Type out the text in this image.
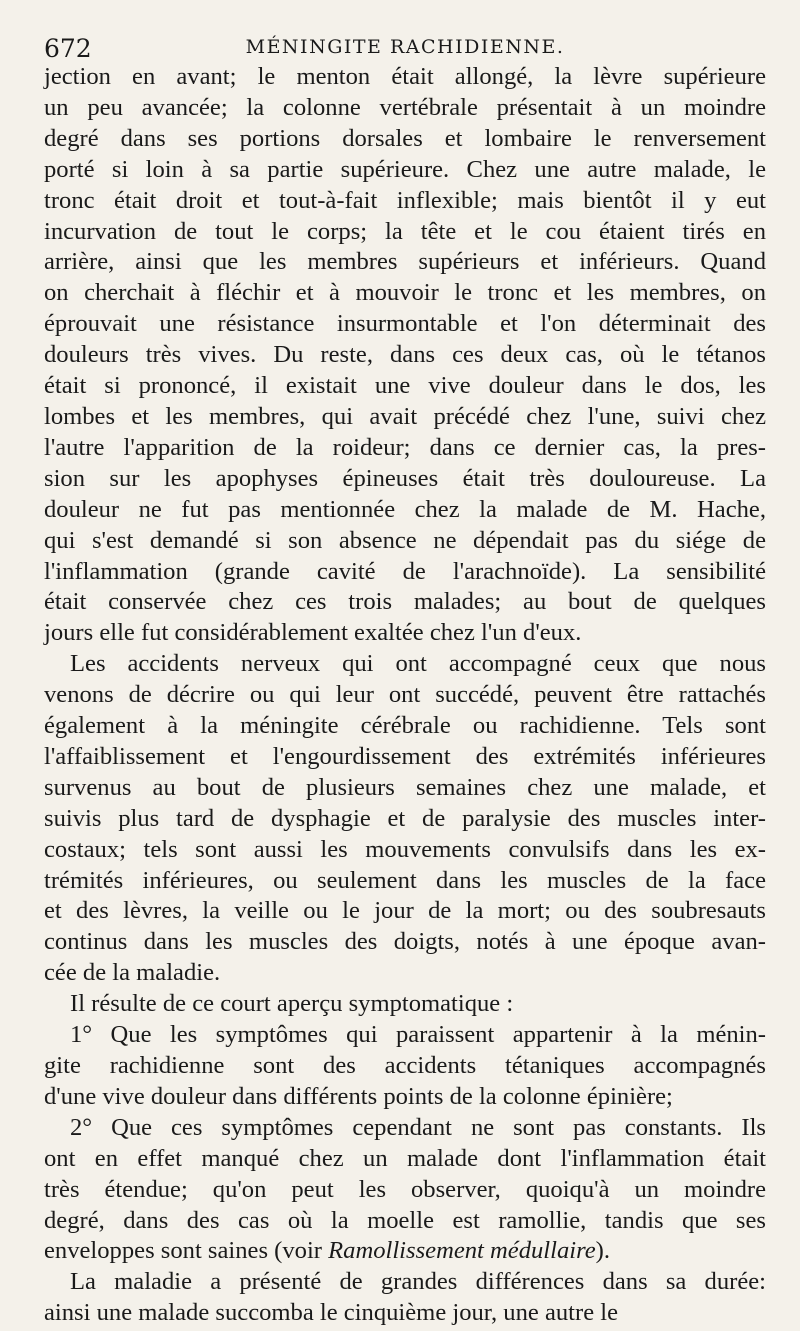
672	MÉNINGITE RACHIDIENNE.

jection en avant; le menton était allongé, la lèvre supérieure
un peu avancée; la colonne vertébrale présentait à un moindre
degré dans ses portions dorsales et lombaire le renversement
porté si loin à sa partie supérieure. Chez une autre malade, le
tronc était droit et tout-à-fait inflexible; mais bientôt il y eut
incurvation de tout le corps; la tête et le cou étaient tirés en
arrière, ainsi que les membres supérieurs et inférieurs. Quand
on cherchait à fléchir et à mouvoir le tronc et les membres, on
éprouvait une résistance insurmontable et l'on déterminait des
douleurs très vives. Du reste, dans ces deux cas, où le tétanos
était si prononcé, il existait une vive douleur dans le dos, les
lombes et les membres, qui avait précédé chez l'une, suivi chez
l'autre l'apparition de la roideur; dans ce dernier cas, la pres-
sion sur les apophyses épineuses était très douloureuse. La
douleur ne fut pas mentionnée chez la malade de M. Hache,
qui s'est demandé si son absence ne dépendait pas du siége de
l'inflammation (grande cavité de l'arachnoïde). La sensibilité
était conservée chez ces trois malades; au bout de quelques
jours elle fut considérablement exaltée chez l'un d'eux.

Les accidents nerveux qui ont accompagné ceux que nous
venons de décrire ou qui leur ont succédé, peuvent être rattachés
également à la méningite cérébrale ou rachidienne. Tels sont
l'affaiblissement et l'engourdissement des extrémités inférieures
survenus au bout de plusieurs semaines chez une malade, et
suivis plus tard de dysphagie et de paralysie des muscles inter-
costaux; tels sont aussi les mouvements convulsifs dans les ex-
trémités inférieures, ou seulement dans les muscles de la face
et des lèvres, la veille ou le jour de la mort; ou des soubresauts
continus dans les muscles des doigts, notés à une époque avan-
cée de la maladie.

Il résulte de ce court aperçu symptomatique :

1° Que les symptômes qui paraissent appartenir à la ménin-
gite rachidienne sont des accidents tétaniques accompagnés
d'une vive douleur dans différents points de la colonne épinière;

2° Que ces symptômes cependant ne sont pas constants. Ils
ont en effet manqué chez un malade dont l'inflammation était
très étendue; qu'on peut les observer, quoiqu'à un moindre
degré, dans des cas où la moelle est ramollie, tandis que ses
enveloppes sont saines (voir Ramollissement médullaire).

La maladie a présenté de grandes différences dans sa durée:
ainsi une malade succomba le cinquième jour, une autre le
